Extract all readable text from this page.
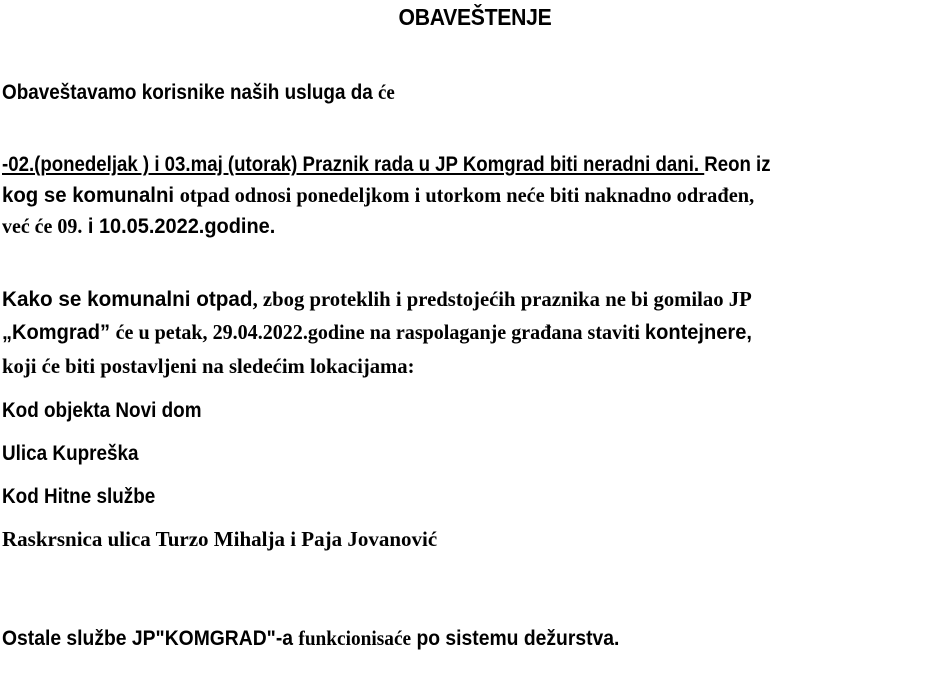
OBAVEŠTENJE
Obaveštavamo korisnike naših usluga da će
-02.(ponedeljak ) i 03.maj (utorak) Praznik rada u JP Komgrad biti neradni dani. Reon iz
kog se komunalni otpad odnosi ponedeljkom i utorkom neće biti naknadno odrađen,
već će 09. i 10.05.2022.godine.
Kako se komunalni otpad, zbog proteklih i predstojećih praznika ne bi gomilao JP
„Komgrad” će u petak, 29.04.2022.godine na raspolaganje građana staviti kontejnere,
koji će biti postavljeni na sledećim lokacijama:
Kod objekta Novi dom
Ulica Kupreška
Kod Hitne službe
Raskrsnica ulica Turzo Mihalja i Paja Jovanović
Ostale službe JP"KOMGRAD"-a funkcionisaće po sistemu dežurstva.
